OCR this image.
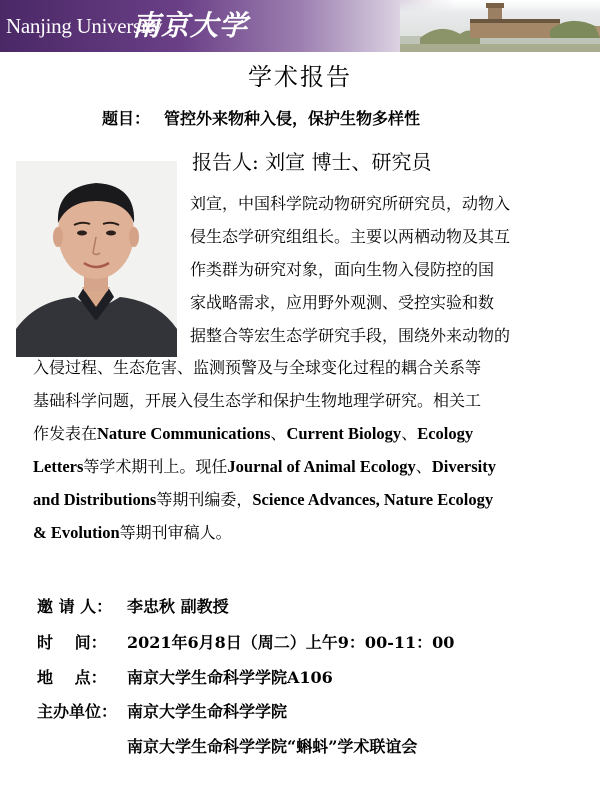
Nanjing University
南京大学
学术报告
题目： 管控外来物种入侵，保护生物多样性
报告人: 刘宣 博士、研究员
刘宣，中国科学院动物研究所研究员，动物入
侵生态学研究组组长。主要以两栖动物及其互
作类群为研究对象，面向生物入侵防控的国
家战略需求，应用野外观测、受控实验和数
据整合等宏生态学研究手段，围绕外来动物的
入侵过程、生态危害、监测预警及与全球变化过程的耦合关系等
基础科学问题，开展入侵生态学和保护生物地理学研究。相关工
作发表在Nature Communications、Current Biology、Ecology
Letters等学术期刊上。现任Journal of Animal Ecology、Diversity
and Distributions等期刊编委，Science Advances, Nature Ecology
& Evolution等期刊审稿人。
邀 请 人： 李忠秋 副教授
时　 间： 2021年6月8日（周二）上午9：00-11：00
地　 点： 南京大学生命科学学院A106
主办单位： 南京大学生命科学学院
南京大学生命科学学院“蝌蚪”学术联谊会
